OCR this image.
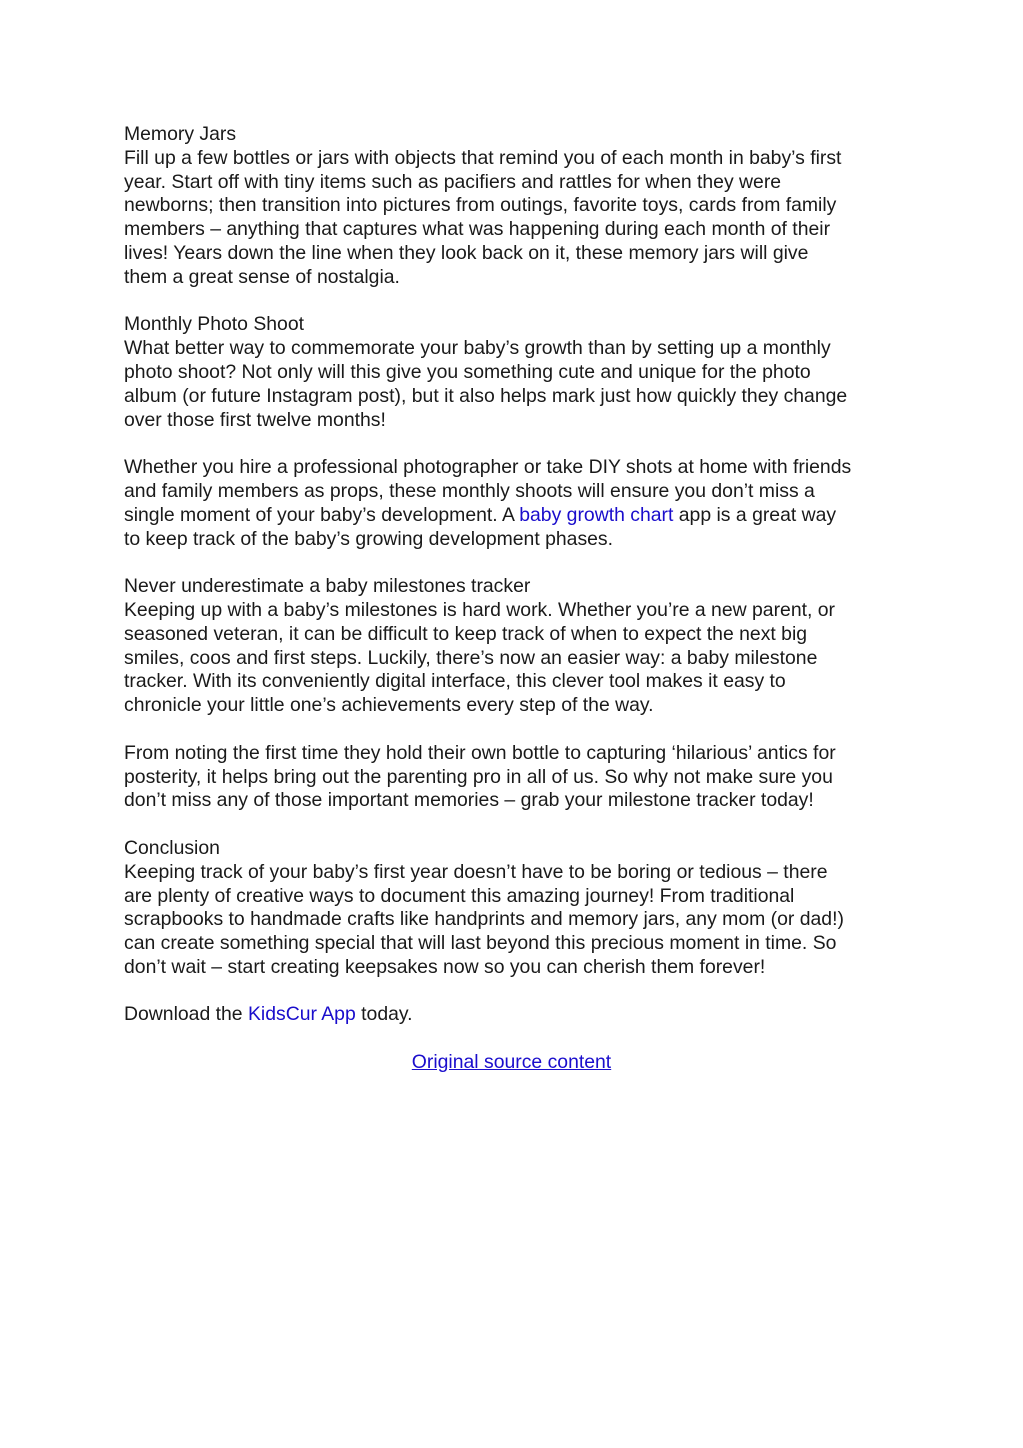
Memory Jars
Fill up a few bottles or jars with objects that remind you of each month in baby’s first
year. Start off with tiny items such as pacifiers and rattles for when they were
newborns; then transition into pictures from outings, favorite toys, cards from family
members – anything that captures what was happening during each month of their
lives! Years down the line when they look back on it, these memory jars will give
them a great sense of nostalgia.
Monthly Photo Shoot
What better way to commemorate your baby’s growth than by setting up a monthly
photo shoot? Not only will this give you something cute and unique for the photo
album (or future Instagram post), but it also helps mark just how quickly they change
over those first twelve months!
Whether you hire a professional photographer or take DIY shots at home with friends
and family members as props, these monthly shoots will ensure you don’t miss a
single moment of your baby’s development. A baby growth chart app is a great way
to keep track of the baby’s growing development phases.
Never underestimate a baby milestones tracker
Keeping up with a baby’s milestones is hard work. Whether you’re a new parent, or
seasoned veteran, it can be difficult to keep track of when to expect the next big
smiles, coos and first steps. Luckily, there’s now an easier way: a baby milestone
tracker. With its conveniently digital interface, this clever tool makes it easy to
chronicle your little one’s achievements every step of the way.
From noting the first time they hold their own bottle to capturing ‘hilarious’ antics for
posterity, it helps bring out the parenting pro in all of us. So why not make sure you
don’t miss any of those important memories – grab your milestone tracker today!
Conclusion
Keeping track of your baby’s first year doesn’t have to be boring or tedious – there
are plenty of creative ways to document this amazing journey! From traditional
scrapbooks to handmade crafts like handprints and memory jars, any mom (or dad!)
can create something special that will last beyond this precious moment in time. So
don’t wait – start creating keepsakes now so you can cherish them forever!
Download the KidsCur App today.
Original source content
